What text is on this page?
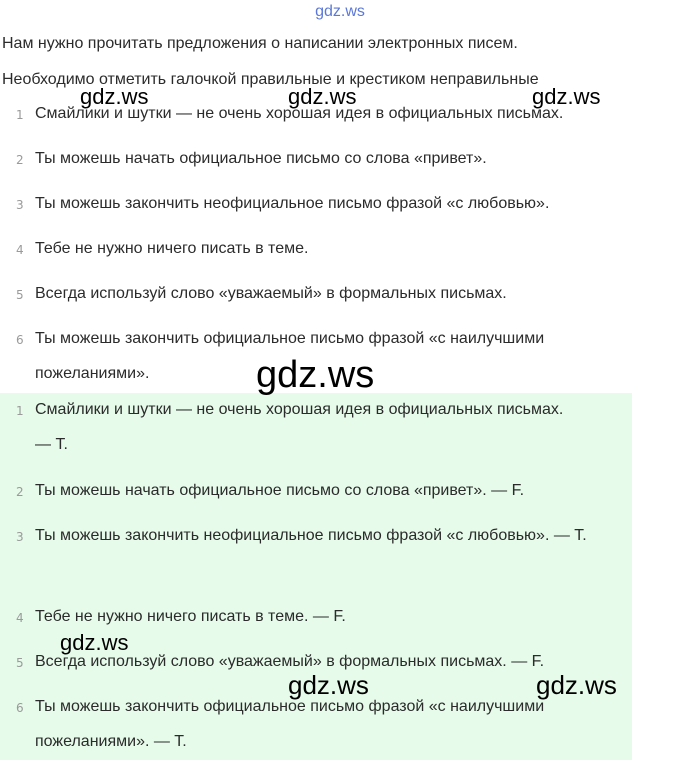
gdz.ws
Нам нужно прочитать предложения о написании электронных писем.
Необходимо отметить галочкой правильные и крестиком неправильные
1 Смайлики и шутки — не очень хорошая идея в официальных письмах.
2 Ты можешь начать официальное письмо со слова «привет».
3 Ты можешь закончить неофициальное письмо фразой «с любовью».
4 Тебе не нужно ничего писать в теме.
5 Всегда используй слово «уважаемый» в формальных письмах.
6 Ты можешь закончить официальное письмо фразой «с наилучшими пожеланиями».
1 Смайлики и шутки — не очень хорошая идея в официальных письмах. — T.
2 Ты можешь начать официальное письмо со слова «привет». — F.
3 Ты можешь закончить неофициальное письмо фразой «с любовью». — T.
4 Тебе не нужно ничего писать в теме. — F.
5 Всегда используй слово «уважаемый» в формальных письмах. — F.
6 Ты можешь закончить официальное письмо фразой «с наилучшими пожеланиями». — T.
gdz.ws	gdz.ws	gdz.ws
gdz.ws
gdz.ws
gdz.ws	gdz.ws
